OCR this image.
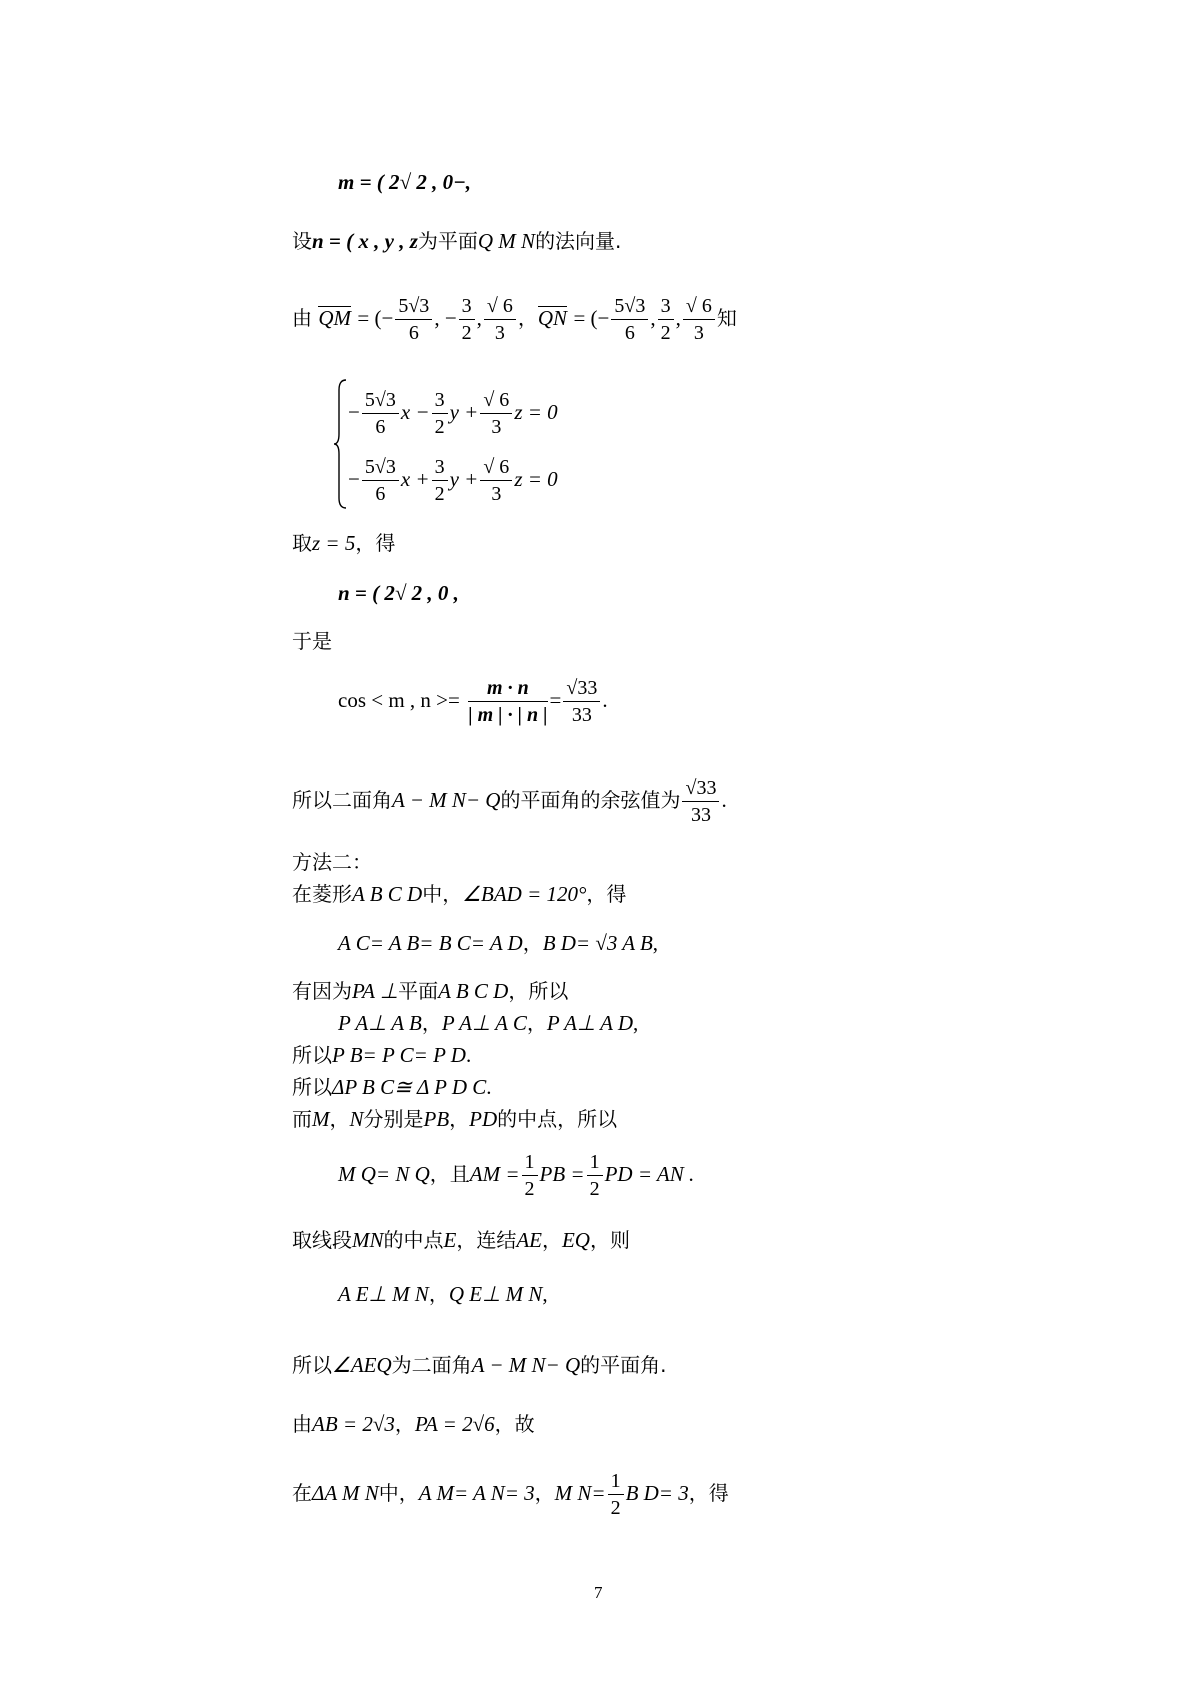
m = ( 2√ 2 , 0−,
设n = ( x , y , z为平面Q M N的法向量.
由 QM = (− $\frac{5√3}{6}$ , − $\frac{3}{2}$ , $\frac{√ 6}{3}$ ，QN = (− $\frac{5√3}{6}$ , $\frac{3}{2}$ , $\frac{√ 6}{3}$ 知
− $\frac{5√3}{6}$ $x - \frac{3}{2}$ $y + \frac{√ 6}{3}$ z = 0
− $\frac{5√3}{6}$ $x + \frac{3}{2}$ $y + \frac{√ 6}{3}$ z = 0
取z = 5，得
n = ( 2√ 2 , 0 ,
于是
cos < m , $n >= \frac{m \cdot n}{| m | \cdot | n |} = \frac{√33}{33}$ .
所以二面角A − M N− Q的平面角的余弦值为 $\frac{√33}{33}$ .
方法二：
在菱形A B C D中，∠BAD = 120°，得
A C= A B= B C= A D，B D= √3 A B,
有因为PA ⊥平面A B C D，所以
P A⊥ A B，P A⊥ A C，P A⊥ A D,
所以P B= P C= P D.
所以ΔP B C≅ Δ P D C.
而M，N分别是PB，PD的中点，所以
M Q= N Q，且AM = $\frac{1}{2}$ PB = $\frac{1}{2}$ PD = AN .
取线段MN的中点E，连结AE，EQ，则
A E⊥ M N，Q E⊥ M N,
所以∠AEQ为二面角A − M N− Q的平面角.
由AB = 2√3，PA = 2√6，故
在ΔA M N中，A M= A N= 3，M $N= \frac{1}{2}$ B D= 3，得
7
